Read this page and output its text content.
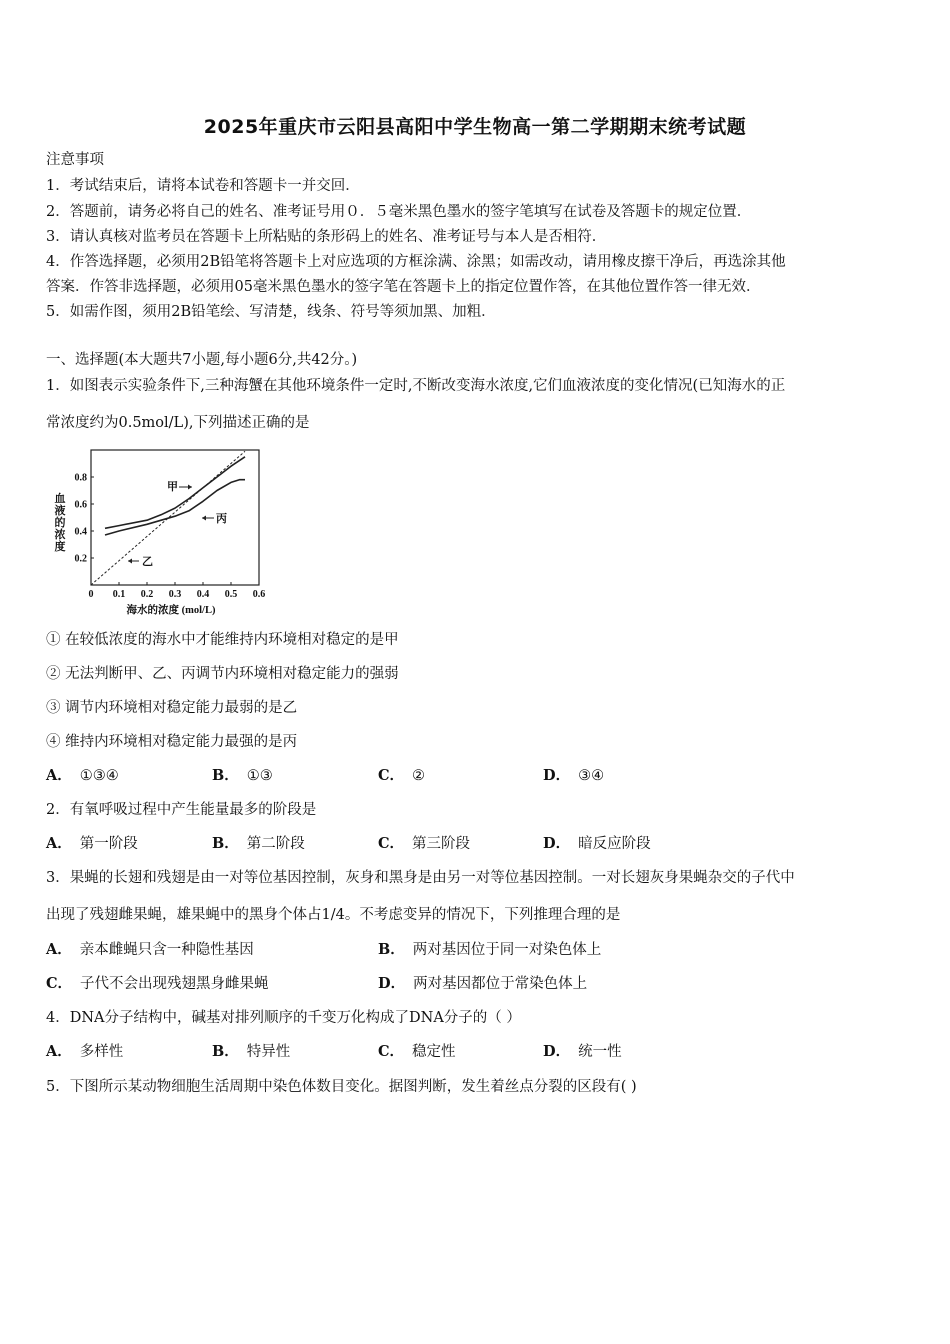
2025年重庆市云阳县高阳中学生物高一第二学期期末统考试题
注意事项
1．考试结束后，请将本试卷和答题卡一并交回．
2．答题前，请务必将自己的姓名、准考证号用０．５毫米黑色墨水的签字笔填写在试卷及答题卡的规定位置．
3．请认真核对监考员在答题卡上所粘贴的条形码上的姓名、准考证号与本人是否相符．
4．作答选择题，必须用2B铅笔将答题卡上对应选项的方框涂满、涂黑；如需改动，请用橡皮擦干净后，再选涂其他
答案．作答非选择题，必须用05毫米黑色墨水的签字笔在答题卡上的指定位置作答，在其他位置作答一律无效．
5．如需作图，须用2B铅笔绘、写清楚，线条、符号等须加黑、加粗．
一、选择题(本大题共7小题,每小题6分,共42分。)
1．如图表示实验条件下,三种海蟹在其他环境条件一定时,不断改变海水浓度,它们血液浓度的变化情况(已知海水的正
常浓度约为0.5mol/L),下列描述正确的是
0 0.1 0.2 0.3 0.4 0.5 0.6
0.2
0.4
0.6
0.8
海水的浓度 (mol/L)
血液的浓度
甲
丙
乙
① 在较低浓度的海水中才能维持内环境相对稳定的是甲
② 无法判断甲、乙、丙调节内环境相对稳定能力的强弱
③ 调节内环境相对稳定能力最弱的是乙
④ 维持内环境相对稳定能力最强的是丙
A． ①③④	B． ①③	C． ②	D． ③④
2．有氧呼吸过程中产生能量最多的阶段是
A． 第一阶段	B． 第二阶段	C． 第三阶段	D． 暗反应阶段
3．果蝇的长翅和残翅是由一对等位基因控制，灰身和黑身是由另一对等位基因控制。一对长翅灰身果蝇杂交的子代中
出现了残翅雌果蝇，雄果蝇中的黑身个体占1/4。不考虑变异的情况下，下列推理合理的是
A． 亲本雌蝇只含一种隐性基因	B． 两对基因位于同一对染色体上
C． 子代不会出现残翅黑身雌果蝇	D． 两对基因都位于常染色体上
4．DNA分子结构中，碱基对排列顺序的千变万化构成了DNA分子的（ ）
A． 多样性	B． 特异性	C． 稳定性	D． 统一性
5．下图所示某动物细胞生活周期中染色体数目变化。据图判断，发生着丝点分裂的区段有( )
